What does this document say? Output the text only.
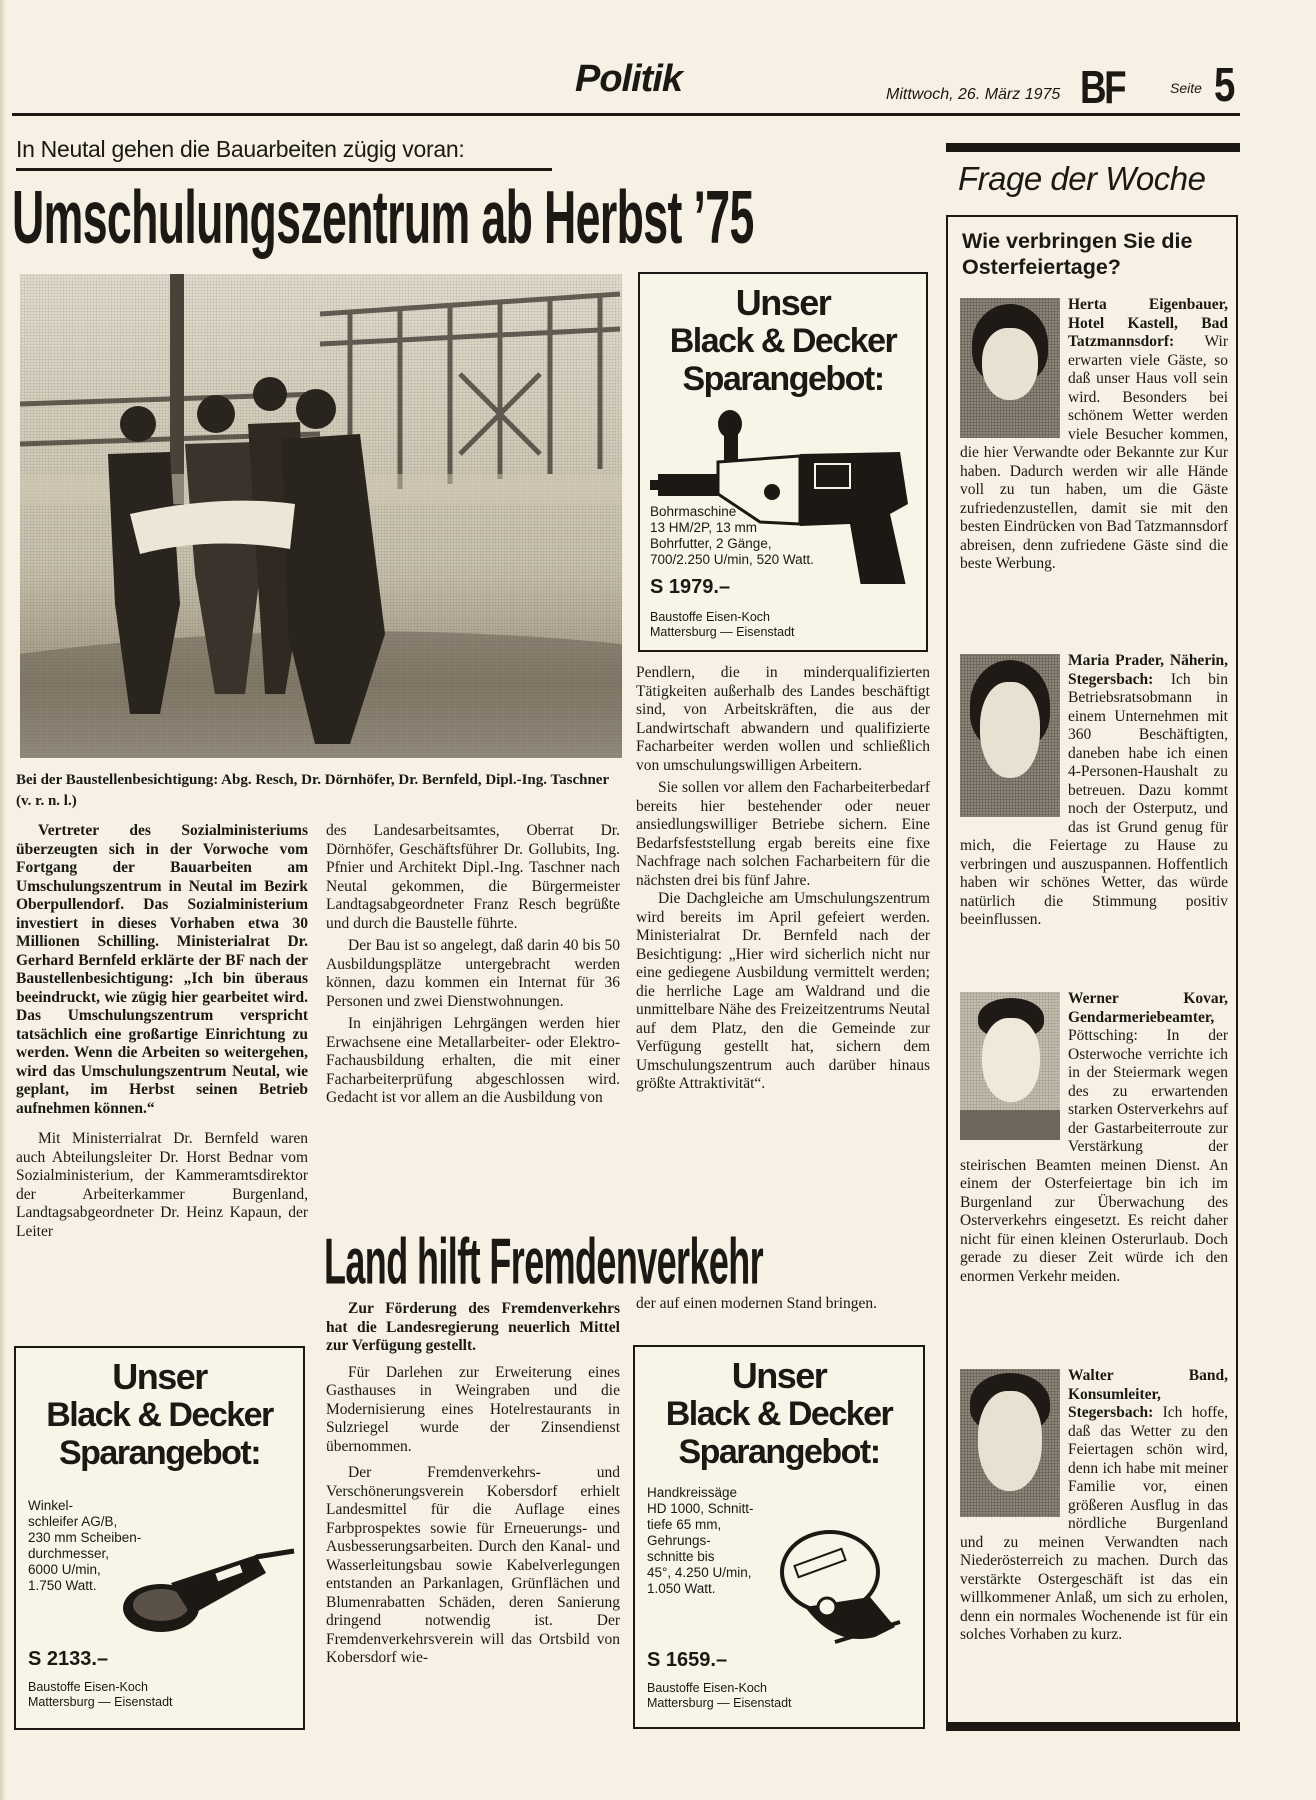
Politik	Mittwoch, 26. März 1975 BF	Seite 5
In Neutal gehen die Bauarbeiten zügig voran:
Umschulungszentrum ab Herbst ’75
Bei der Baustellenbesichtigung: Abg. Resch, Dr. Dörnhöfer, Dr. Bernfeld, Dipl.-Ing. Taschner (v. r. n. l.)

Vertreter des Sozialministeriums überzeugten sich in der Vorwoche vom Fortgang der Bauarbeiten am Umschulungszentrum in Neutal im Bezirk Oberpullendorf. Das Sozialministerium investiert in dieses Vorhaben etwa 30 Millionen Schilling. Ministerialrat Dr. Gerhard Bernfeld erklärte der BF nach der Baustellenbesichtigung: „Ich bin überaus beeindruckt, wie zügig hier gearbeitet wird. Das Umschulungszentrum verspricht tatsächlich eine großartige Einrichtung zu werden. Wenn die Arbeiten so weitergehen, wird das Umschulungszentrum Neutal, wie geplant, im Herbst seinen Betrieb aufnehmen können.“

Mit Ministerrialrat Dr. Bernfeld waren auch Abteilungsleiter Dr. Horst Bednar vom Sozialministerium, der Kammeramtsdirektor der Arbeiterkammer Burgenland, Landtagsabgeordneter Dr. Heinz Kapaun, der Leiter

des Landesarbeitsamtes, Oberrat Dr. Dörnhöfer, Geschäftsführer Dr. Gollubits, Ing. Pfnier und Architekt Dipl.-Ing. Taschner nach Neutal gekommen, die Bürgermeister Landtagsabgeordneter Franz Resch begrüßte und durch die Baustelle führte.

Der Bau ist so angelegt, daß darin 40 bis 50 Ausbildungsplätze untergebracht werden können, dazu kommen ein Internat für 36 Personen und zwei Dienstwohnungen.

In einjährigen Lehrgängen werden hier Erwachsene eine Metallarbeiter- oder Elektro-Fachausbildung erhalten, die mit einer Facharbeiterprüfung abgeschlossen wird. Gedacht ist vor allem an die Ausbildung von

Pendlern, die in minderqualifizierten Tätigkeiten außerhalb des Landes beschäftigt sind, von Arbeitskräften, die aus der Landwirtschaft abwandern und qualifizierte Facharbeiter werden wollen und schließlich von umschulungswilligen Arbeitern.

Sie sollen vor allem den Facharbeiterbedarf bereits hier bestehender oder neuer ansiedlungswilliger Betriebe sichern. Eine Bedarfsfeststellung ergab bereits eine fixe Nachfrage nach solchen Facharbeitern für die nächsten drei bis fünf Jahre.

Die Dachgleiche am Umschulungszentrum wird bereits im April gefeiert werden. Ministerialrat Dr. Bernfeld nach der Besichtigung: „Hier wird sicherlich nicht nur eine gediegene Ausbildung vermittelt werden; die herrliche Lage am Waldrand und die unmittelbare Nähe des Freizeitzentrums Neutal auf dem Platz, den die Gemeinde zur Verfügung gestellt hat, sichern dem Umschulungszentrum auch darüber hinaus größte Attraktivität“.

Unser
Black & Decker
Sparangebot:
Bohrmaschine
13 HM/2P, 13 mm
Bohrfutter, 2 Gänge,
700/2.250 U/min, 520 Watt.
S 1979.–
Baustoffe Eisen-Koch
Mattersburg — Eisenstadt
Land hilft Fremdenverkehr

Zur Förderung des Fremdenverkehrs hat die Landesregierung neuerlich Mittel zur Verfügung gestellt.

Für Darlehen zur Erweiterung eines Gasthauses in Weingraben und die Modernisierung eines Hotelrestaurants in Sulzriegel wurde der Zinsendienst übernommen.

Der Fremdenverkehrs- und Verschönerungsverein Kobersdorf erhielt Landesmittel für die Auflage eines Farbprospektes sowie für Erneuerungs- und Ausbesserungsarbeiten. Durch den Kanal- und Wasserleitungsbau sowie Kabelverlegungen entstanden an Parkanlagen, Grünflächen und Blumenrabatten Schäden, deren Sanierung dringend notwendig ist. Der Fremdenverkehrsverein will das Ortsbild von Kobersdorf wie-

der auf einen modernen Stand bringen.

Unser
Black & Decker
Sparangebot:
Winkel-
schleifer AG/B,
230 mm Scheiben-
durchmesser,
6000 U/min,
1.750 Watt.
S 2133.–
Baustoffe Eisen-Koch
Mattersburg — Eisenstadt
Unser
Black & Decker
Sparangebot:
Handkreissäge
HD 1000, Schnitt-
tiefe 65 mm,
Gehrungs-
schnitte bis
45°, 4.250 U/min,
1.050 Watt.
S 1659.–
Baustoffe Eisen-Koch
Mattersburg — Eisenstadt
Frage der Woche
Wie verbringen Sie die Osterfeiertage?
Herta Eigenbauer, Hotel Kastell, Bad Tatzmannsdorf: Wir erwarten viele Gäste, so daß unser Haus voll sein wird. Besonders bei schönem Wetter werden viele Besucher kommen, die hier Verwandte oder Bekannte zur Kur haben. Dadurch werden wir alle Hände voll zu tun haben, um die Gäste zufriedenzustellen, damit sie mit den besten Eindrücken von Bad Tatzmannsdorf abreisen, denn zufriedene Gäste sind die beste Werbung.
Maria Prader, Näherin, Stegersbach: Ich bin Betriebsratsobmann in einem Unternehmen mit 360 Beschäftigten, daneben habe ich einen 4-Personen-Haushalt zu betreuen. Dazu kommt noch der Osterputz, und das ist Grund genug für mich, die Feiertage zu Hause zu verbringen und auszuspannen. Hoffentlich haben wir schönes Wetter, das würde natürlich die Stimmung positiv beeinflussen.
Werner Kovar, Gendarmeriebeamter, Pöttsching: In der Osterwoche verrichte ich in der Steiermark wegen des zu erwartenden starken Osterverkehrs auf der Gastarbeiterroute zur Verstärkung der steirischen Beamten meinen Dienst. An einem der Osterfeiertage bin ich im Burgenland zur Überwachung des Osterverkehrs eingesetzt. Es reicht daher nicht für einen kleinen Osterurlaub. Doch gerade zu dieser Zeit würde ich den enormen Verkehr meiden.
Walter Band, Konsumleiter, Stegersbach: Ich hoffe, daß das Wetter zu den Feiertagen schön wird, denn ich habe mit meiner Familie vor, einen größeren Ausflug in das nördliche Burgenland und zu meinen Verwandten nach Niederösterreich zu machen. Durch das verstärkte Ostergeschäft ist das ein willkommener Anlaß, um sich zu erholen, denn ein normales Wochenende ist für ein solches Vorhaben zu kurz.
